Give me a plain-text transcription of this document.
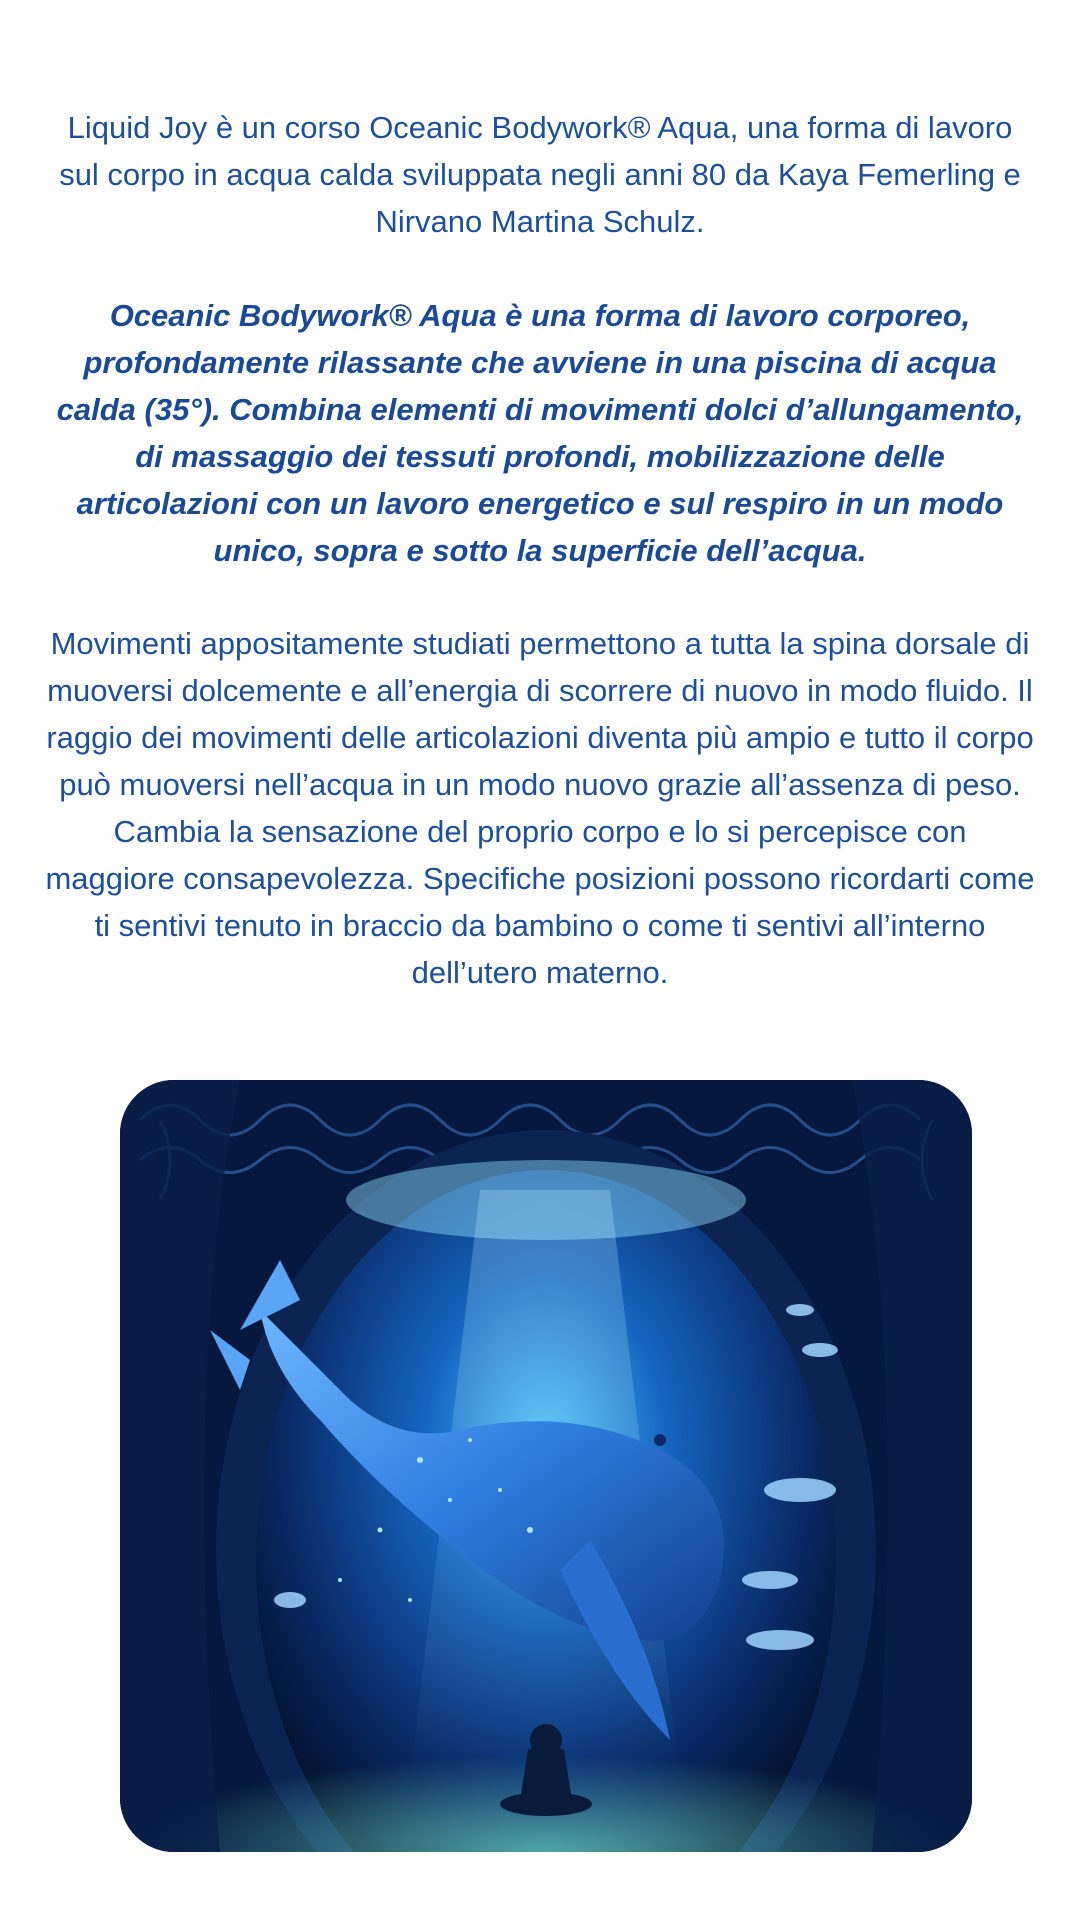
Liquid Joy è un corso Oceanic Bodywork® Aqua, una forma di lavoro sul corpo in acqua calda sviluppata negli anni 80 da Kaya Femerling e Nirvano Martina Schulz.

Oceanic Bodywork® Aqua è una forma di lavoro corporeo, profondamente rilassante che avviene in una piscina di acqua calda (35°). Combina elementi di movimenti dolci d’allungamento, di massaggio dei tessuti profondi, mobilizzazione delle articolazioni con un lavoro energetico e sul respiro in un modo unico, sopra e sotto la superficie dell’acqua.

Movimenti appositamente studiati permettono a tutta la spina dorsale di muoversi dolcemente e all’energia di scorrere di nuovo in modo fluido. Il raggio dei movimenti delle articolazioni diventa più ampio e tutto il corpo può muoversi nell’acqua in un modo nuovo grazie all’assenza di peso. Cambia la sensazione del proprio corpo e lo si percepisce con maggiore consapevolezza. Specifiche posizioni possono ricordarti come ti sentivi tenuto in braccio da bambino o come ti sentivi all’interno dell’utero materno.
